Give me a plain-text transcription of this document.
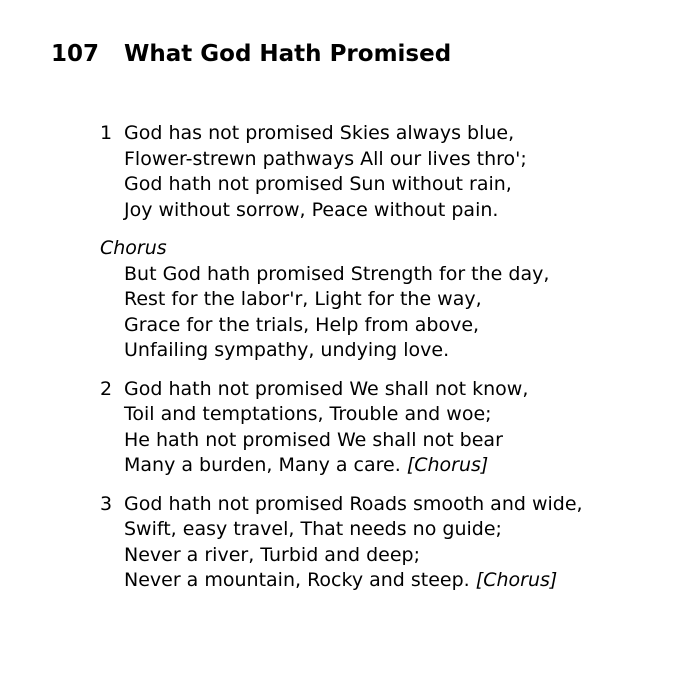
107 What God Hath Promised
1 God has not promised Skies always blue,
Flower-strewn pathways All our lives thro';
God hath not promised Sun without rain,
Joy without sorrow, Peace without pain.
Chorus
But God hath promised Strength for the day,
Rest for the labor'r, Light for the way,
Grace for the trials, Help from above,
Unfailing sympathy, undying love.
2 God hath not promised We shall not know,
Toil and temptations, Trouble and woe;
He hath not promised We shall not bear
Many a burden, Many a care. [Chorus]
3 God hath not promised Roads smooth and wide,
Swift, easy travel, That needs no guide;
Never a river, Turbid and deep;
Never a mountain, Rocky and steep. [Chorus]
